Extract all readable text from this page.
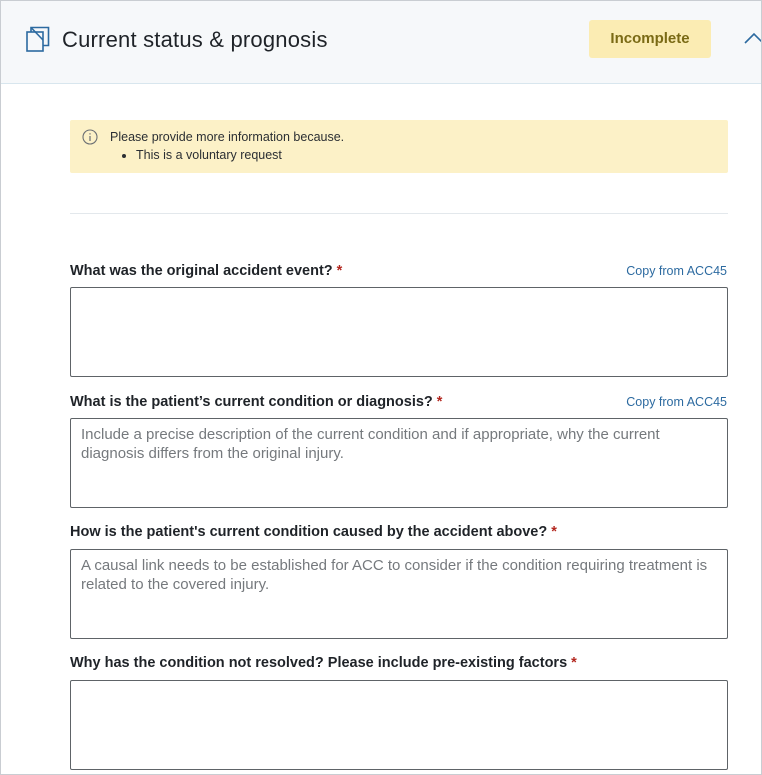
Current status & prognosis	Incomplete
Please provide more information because.
• This is a voluntary request
What was the original accident event? *	Copy from ACC45
What is the patient’s current condition or diagnosis? *	Copy from ACC45
Include a precise description of the current condition and if appropriate, why the current diagnosis differs from the original injury.
How is the patient's current condition caused by the accident above? *
A causal link needs to be established for ACC to consider if the condition requiring treatment is related to the covered injury.
Why has the condition not resolved? Please include pre-existing factors *
